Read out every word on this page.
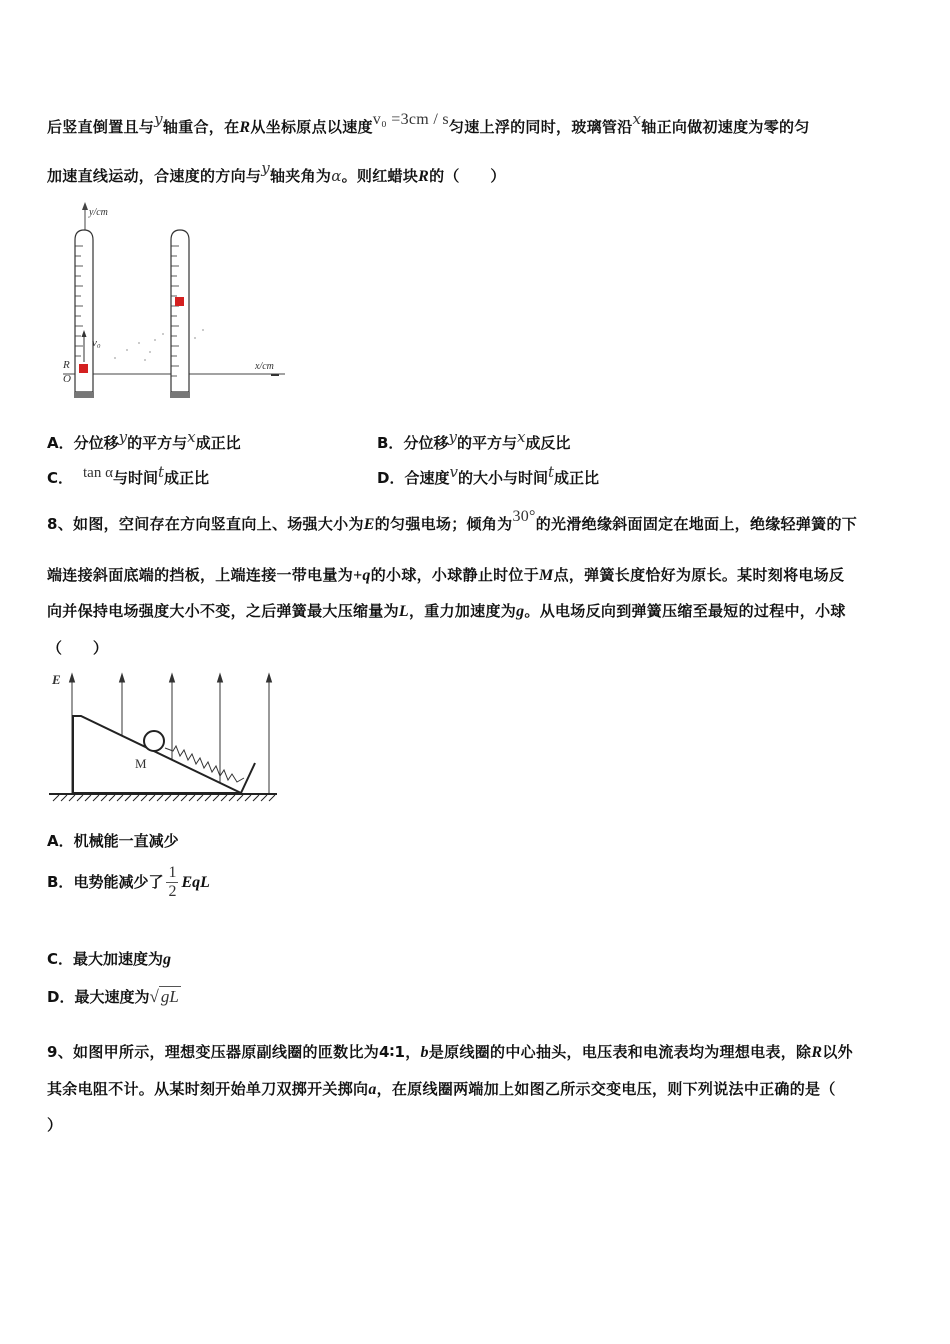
后竖直倒置且与y轴重合，在R从坐标原点以速度v₀ =3cm / s匀速上浮的同时，玻璃管沿x轴正向做初速度为零的匀
加速直线运动，合速度的方向与y轴夹角为α。则红蜡块R的（　　）
y/cm
x/cm
v₀
R
O
A．分位移y的平方与x成正比	B．分位移y的平方与x成反比
C． tan α与时间t成正比	D．合速度v的大小与时间t成正比
8、如图，空间存在方向竖直向上、场强大小为E的匀强电场；倾角为30°的光滑绝缘斜面固定在地面上，绝缘轻弹簧的下
端连接斜面底端的挡板，上端连接一带电量为+q的小球，小球静止时位于M点，弹簧长度恰好为原长。某时刻将电场反
向并保持电场强度大小不变，之后弹簧最大压缩量为L，重力加速度为g。从电场反向到弹簧压缩至最短的过程中，小球
（　　）
E
M
A．机械能一直减少
B．电势能减少了 $\frac{1}{2}$ EqL
C．最大加速度为g
D．最大速度为√ gL
9、如图甲所示，理想变压器原副线圈的匝数比为4∶1，b是原线圈的中心抽头，电压表和电流表均为理想电表，除R以外
其余电阻不计。从某时刻开始单刀双掷开关掷向a，在原线圈两端加上如图乙所示交变电压，则下列说法中正确的是（
）
